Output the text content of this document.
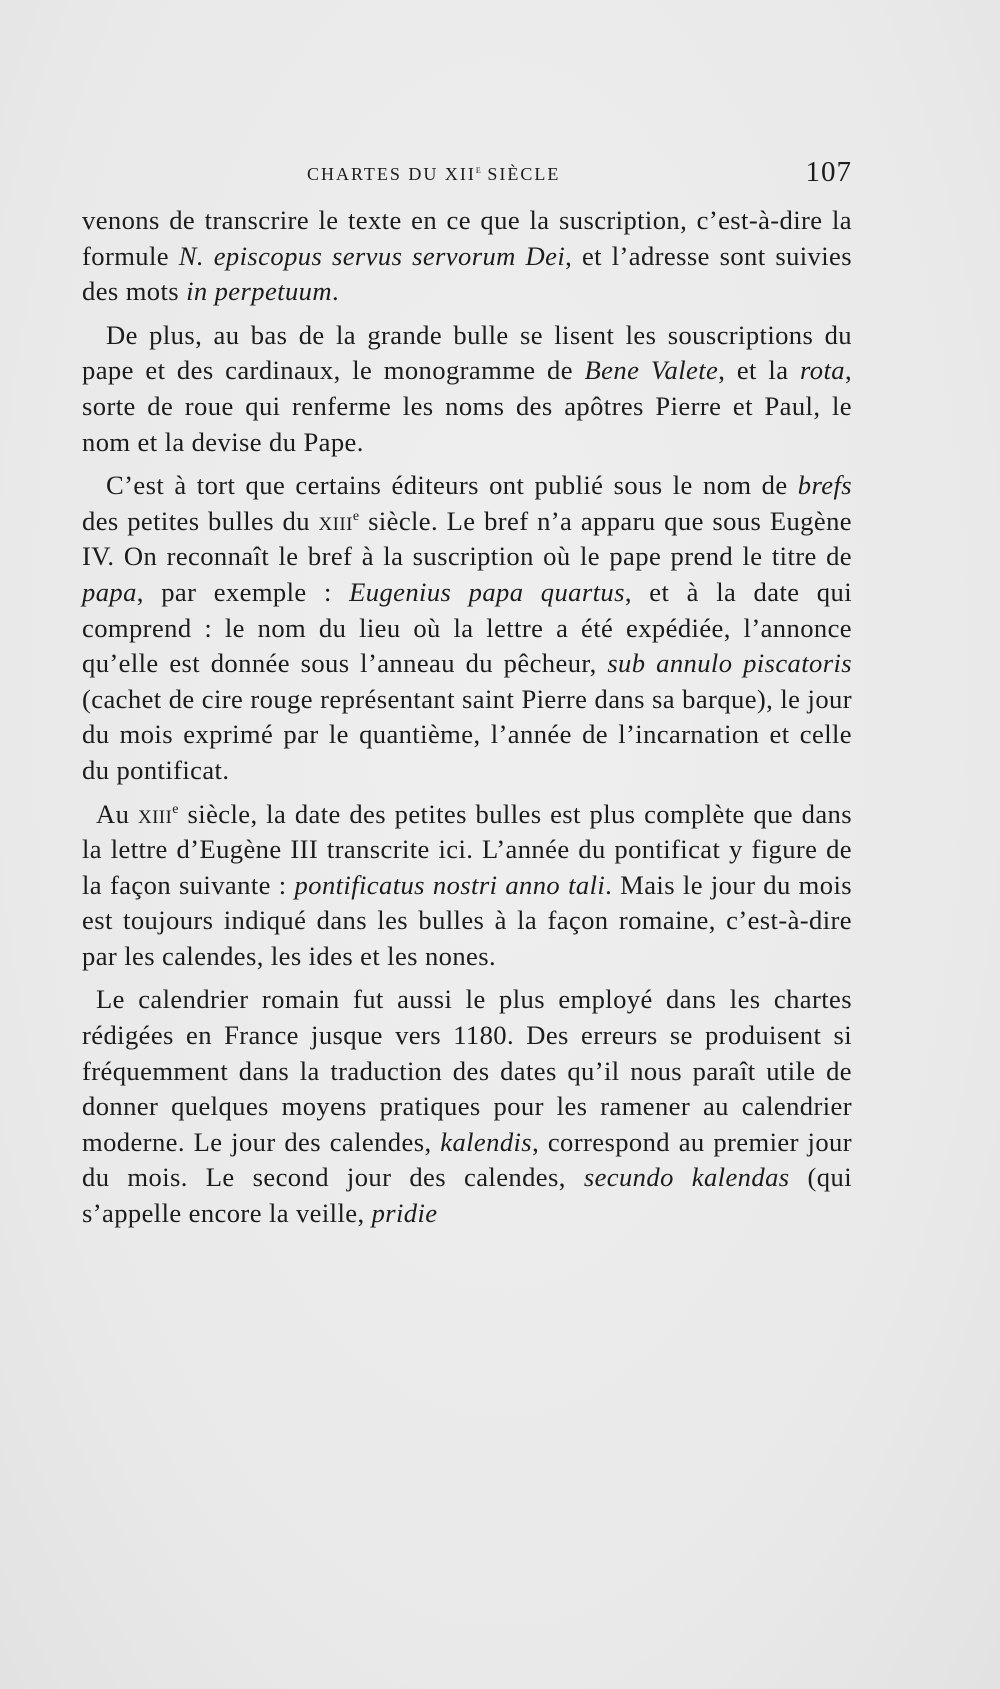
CHARTES DU XIIe SIÈCLE	107

venons de transcrire le texte en ce que la suscription, c’est-à-dire la formule N. episcopus servus servorum Dei, et l’adresse sont suivies des mots in perpetuum.

De plus, au bas de la grande bulle se lisent les souscriptions du pape et des cardinaux, le monogramme de Bene Valete, et la rota, sorte de roue qui renferme les noms des apôtres Pierre et Paul, le nom et la devise du Pape.

C’est à tort que certains éditeurs ont publié sous le nom de brefs des petites bulles du xiii$^e$ siècle. Le bref n’a apparu que sous Eugène IV. On reconnaît le bref à la suscription où le pape prend le titre de papa, par exemple : Eugenius papa quartus, et à la date qui comprend : le nom du lieu où la lettre a été expédiée, l’annonce qu’elle est donnée sous l’anneau du pêcheur, sub annulo piscatoris (cachet de cire rouge représentant saint Pierre dans sa barque), le jour du mois exprimé par le quantième, l’année de l’incarnation et celle du pontificat.

Au xiii$^e$ siècle, la date des petites bulles est plus complète que dans la lettre d’Eugène III transcrite ici. L’année du pontificat y figure de la façon suivante : pontificatus nostri anno tali. Mais le jour du mois est toujours indiqué dans les bulles à la façon romaine, c’est-à-dire par les calendes, les ides et les nones.

Le calendrier romain fut aussi le plus employé dans les chartes rédigées en France jusque vers 1180. Des erreurs se produisent si fréquemment dans la traduction des dates qu’il nous paraît utile de donner quelques moyens pratiques pour les ramener au calendrier moderne. Le jour des calendes, kalendis, correspond au premier jour du mois. Le second jour des calendes, secundo kalendas (qui s’appelle encore la veille, pridie
